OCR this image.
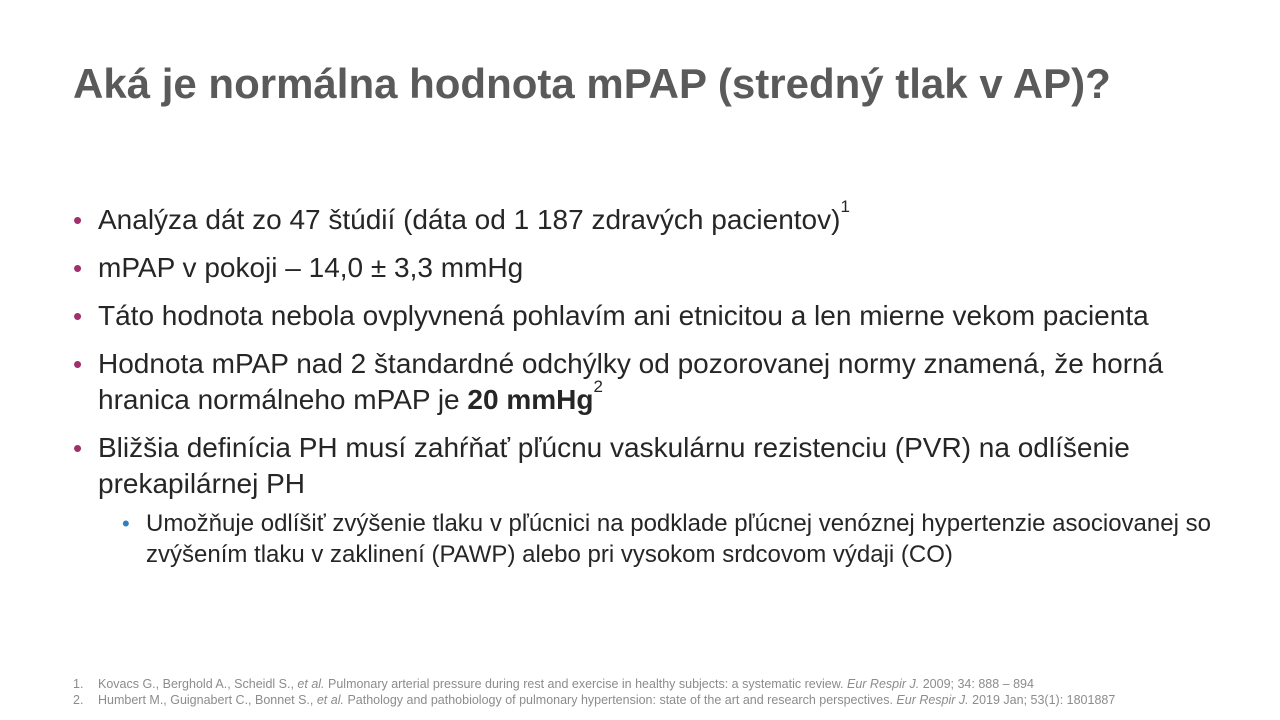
Aká je normálna hodnota mPAP (stredný tlak v AP)?
• Analýza dát zo 47 štúdií (dáta od 1 187 zdravých pacientov)$^1$
• mPAP v pokoji – 14,0 ± 3,3 mmHg
• Táto hodnota nebola ovplyvnená pohlavím ani etnicitou a len mierne vekom pacienta
• Hodnota mPAP nad 2 štandardné odchýlky od pozorovanej normy znamená, že horná hranica normálneho mPAP je 20 mmHg$^2$
• Bližšia definícia PH musí zahŕňať pľúcnu vaskulárnu rezistenciu (PVR) na odlíšenie prekapilárnej PH
• Umožňuje odlíšiť zvýšenie tlaku v pľúcnici na podklade pľúcnej venóznej hypertenzie asociovanej so zvýšením tlaku v zaklinení (PAWP) alebo pri vysokom srdcovom výdaji (CO)
1. Kovacs G., Berghold A., Scheidl S., et al. Pulmonary arterial pressure during rest and exercise in healthy subjects: a systematic review. Eur Respir J. 2009; 34: 888 – 894
2. Humbert M., Guignabert C., Bonnet S., et al. Pathology and pathobiology of pulmonary hypertension: state of the art and research perspectives. Eur Respir J. 2019 Jan; 53(1): 1801887
